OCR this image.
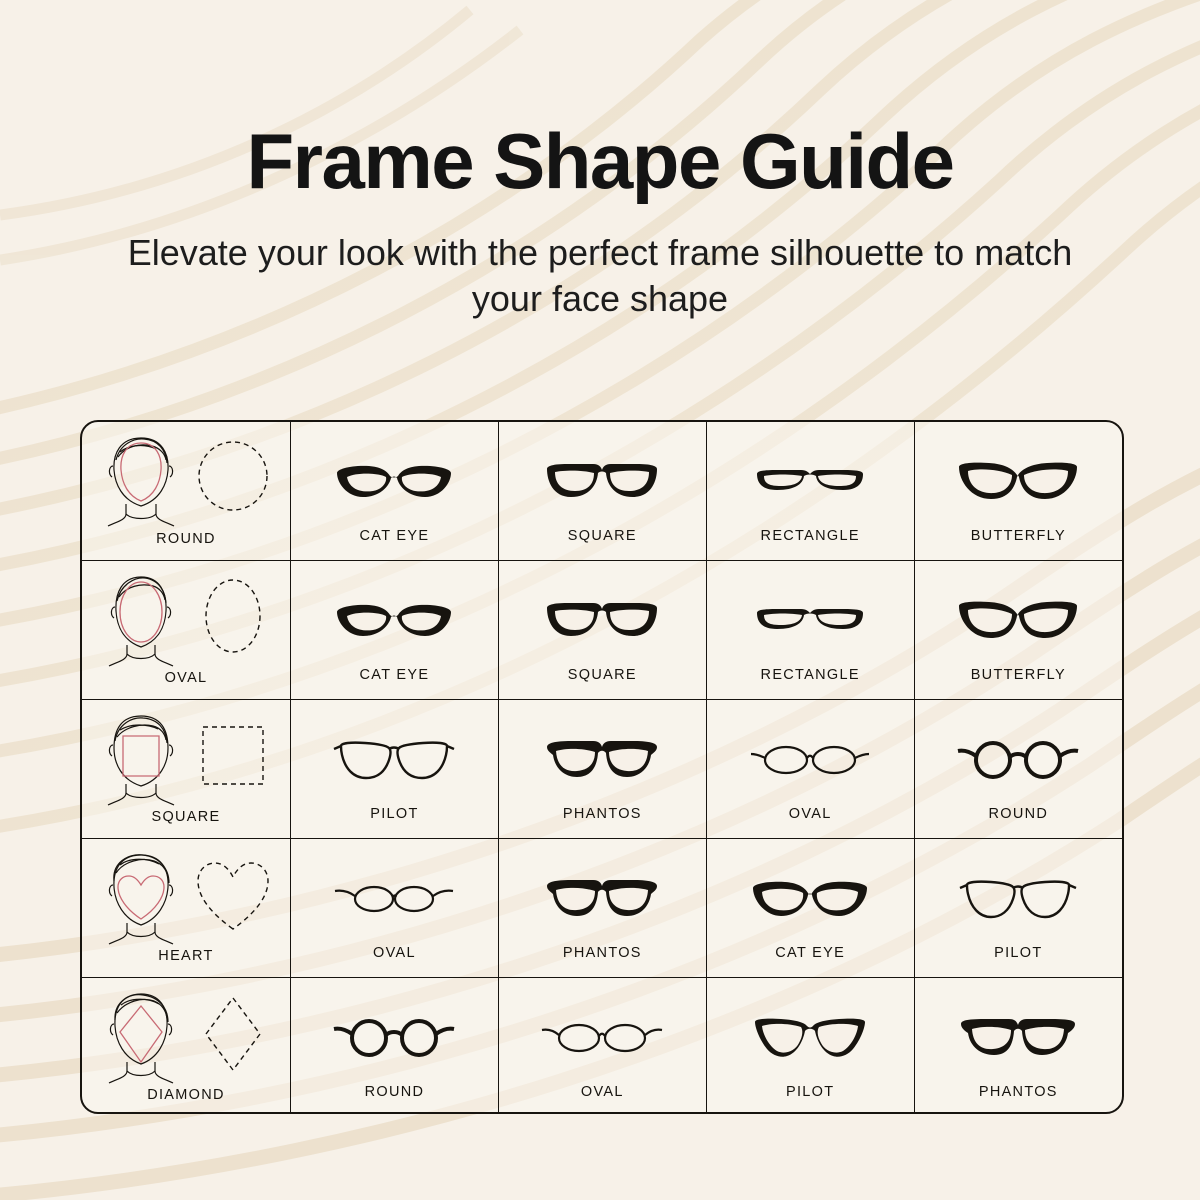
Frame Shape Guide

Elevate your look with the perfect frame silhouette to match your face shape

ROUND	CAT EYE	SQUARE	RECTANGLE	BUTTERFLY

OVAL	CAT EYE	SQUARE	RECTANGLE	BUTTERFLY

SQUARE	PILOT	PHANTOS	OVAL	ROUND

HEART	OVAL	PHANTOS	CAT EYE	PILOT

DIAMOND	ROUND	OVAL	PILOT	PHANTOS
